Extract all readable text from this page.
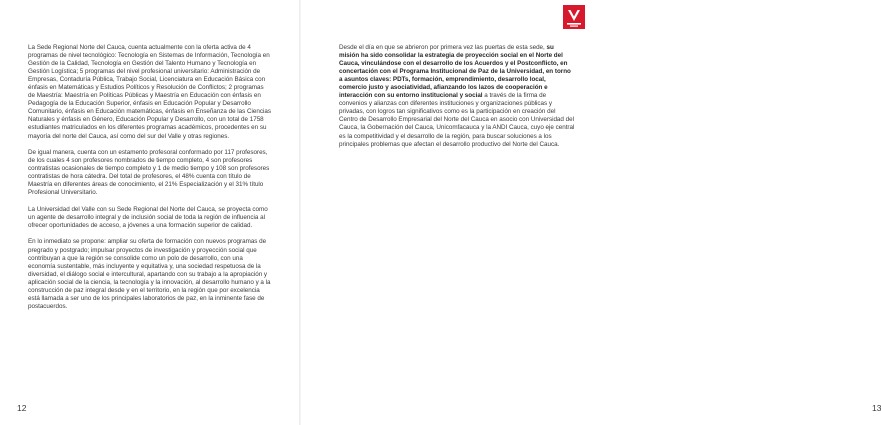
La Sede Regional Norte del Cauca, cuenta actualmente con la oferta activa de 4 programas de nivel tecnológico: Tecnología en Sistemas de Información, Tecnología en Gestión de la Calidad, Tecnología en Gestión del Talento Humano y Tecnología en Gestión Logística; 5 programas del nivel profesional universitario: Administración de Empresas, Contaduría Pública, Trabajo Social, Licenciatura en Educación Básica con énfasis en Matemáticas y Estudios Políticos y Resolución de Conflictos; 2 programas de Maestría: Maestría en Políticas Públicas y Maestría en Educación con énfasis en Pedagogía de la Educación Superior, énfasis en Educación Popular y Desarrollo Comunitario, énfasis en Educación matemáticas, énfasis en Enseñanza de las Ciencias Naturales y énfasis en Género, Educación Popular y Desarrollo, con un total de 1758 estudiantes matriculados en los diferentes programas académicos, procedentes en su mayoría del norte del Cauca, así como del sur del Valle y otras regiones.

De igual manera, cuenta con un estamento profesoral conformado por 117 profesores, de los cuales 4 son profesores nombrados de tiempo completo, 4 son profesores contratistas ocasionales de tiempo completo y 1 de medio tiempo y 108 son profesores contratistas de hora cátedra. Del total de profesores, el 48% cuenta con título de Maestría en diferentes áreas de conocimiento, el 21% Especialización y el 31% título Profesional Universitario.

La Universidad del Valle con su Sede Regional del Norte del Cauca, se proyecta como un agente de desarrollo integral y de inclusión social de toda la región de influencia al ofrecer oportunidades de acceso, a jóvenes a una formación superior de calidad.

En lo inmediato se propone: ampliar su oferta de formación con nuevos programas de pregrado y postgrado; impulsar proyectos de investigación y proyección social que contribuyan a que la región se consolide como un polo de desarrollo, con una economía sustentable, más incluyente y equitativa y, una sociedad respetuosa de la diversidad, el diálogo social e intercultural, apartando con su trabajo a la apropiación y aplicación social de la ciencia, la tecnología y la innovación, al desarrollo humano y a la construcción de paz integral desde y en el territorio, en la región que por excelencia está llamada a ser uno de los principales laboratorios de paz, en la inminente fase de postacuerdos.

12	13

Desde el día en que se abrieron por primera vez las puertas de esta sede, su misión ha sido consolidar la estrategia de proyección social en el Norte del Cauca, vinculándose con el desarrollo de los Acuerdos y el Postconflicto, en concertación con el Programa Institucional de Paz de la Universidad, en torno a asuntos claves: PDTs, formación, emprendimiento, desarrollo local, comercio justo y asociatividad, afianzando los lazos de cooperación e interacción con su entorno institucional y social a través de la firma de convenios y alianzas con diferentes instituciones y organizaciones públicas y privadas, con logros tan significativos como es la participación en creación del Centro de Desarrollo Empresarial del Norte del Cauca en asocio con Universidad del Cauca, la Gobernación del Cauca, Unicomfacauca y la ANDI Cauca, cuyo eje central es la competitividad y el desarrollo de la región, para buscar soluciones a los principales problemas que afectan el desarrollo productivo del Norte del Cauca.
